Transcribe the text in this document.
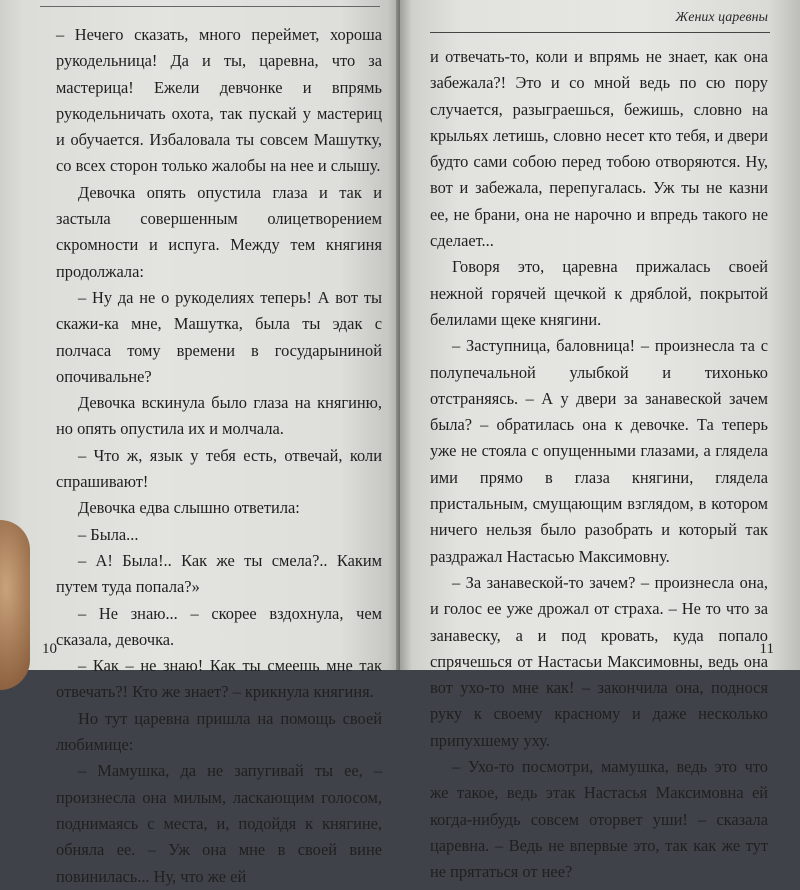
– Нечего сказать, много переймет, хороша рукодельница! Да и ты, царевна, что за мастерица! Ежели девчонке и впрямь рукодельничать охота, так пускай у мастериц и обучается. Избаловала ты совсем Машутку, со всех сторон только жалобы на нее и слышу.

Девочка опять опустила глаза и так и застыла совершенным олицетворением скромности и испуга. Между тем княгиня продолжала:

– Ну да не о рукоделиях теперь! А вот ты скажи-ка мне, Машутка, была ты эдак с полчаса тому времени в государыниной опочивальне?

Девочка вскинула было глаза на княгиню, но опять опустила их и молчала.

– Что ж, язык у тебя есть, отвечай, коли спрашивают!

Девочка едва слышно ответила:

– Была...

– А! Была!.. Как же ты смела?.. Каким путем туда попала?»

– Не знаю... – скорее вздохнула, чем сказала, девочка.

– Как – не знаю! Как ты смеешь мне так отвечать?! Кто же знает? – крикнула княгиня.

Но тут царевна пришла на помощь своей любимице:

– Мамушка, да не запугивай ты ее, – произнесла она милым, ласкающим голосом, поднимаясь с места, и, подойдя к княгине, обняла ее. – Уж она мне в своей вине повинилась... Ну, что же ей

10
Жених царевны

и отвечать-то, коли и впрямь не знает, как она забежала?! Это и со мной ведь по сю пору случается, разыграешься, бежишь, словно на крыльях летишь, словно несет кто тебя, и двери будто сами собою перед тобою отворяются. Ну, вот и забежала, перепугалась. Уж ты не казни ее, не брани, она не нарочно и впредь такого не сделает...

Говоря это, царевна прижалась своей нежной горячей щечкой к дряблой, покрытой белилами щеке княгини.

– Заступница, баловница! – произнесла та с полупечальной улыбкой и тихонько отстраняясь. – А у двери за занавеской зачем была? – обратилась она к девочке. Та теперь уже не стояла с опущенными глазами, а глядела ими прямо в глаза княгини, глядела пристальным, смущающим взглядом, в котором ничего нельзя было разобрать и который так раздражал Настасью Максимовну.

– За занавеской-то зачем? – произнесла она, и голос ее уже дрожал от страха. – Не то что за занавеску, а и под кровать, куда попало спрячешься от Настасьи Максимовны, ведь она вот ухо-то мне как! – закончила она, поднося руку к своему красному и даже несколько припухшему уху.

– Ухо-то посмотри, мамушка, ведь это что же такое, ведь этак Настасья Максимовна ей когда-нибудь совсем оторвет уши! – сказала царевна. – Ведь не впервые это, так как же тут не прятаться от нее?

11
